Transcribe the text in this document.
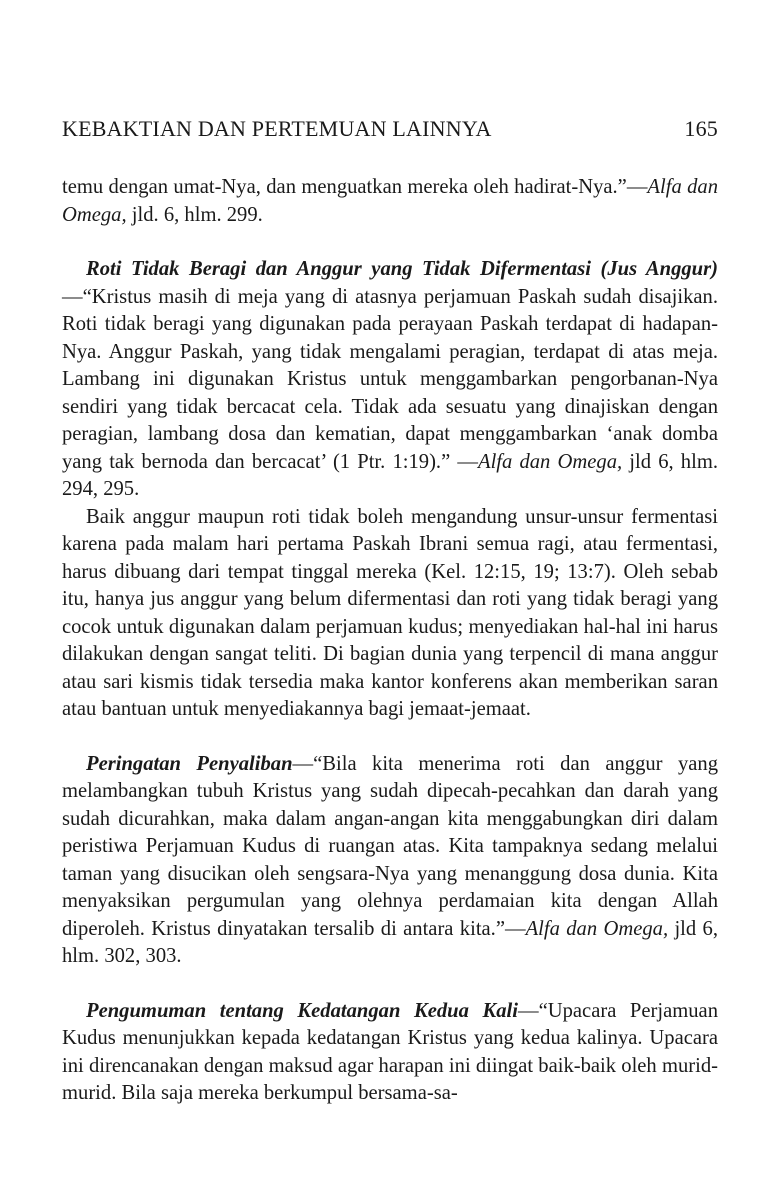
KEBAKTIAN DAN PERTEMUAN LAINNYA	165

temu dengan umat-Nya, dan menguatkan mereka oleh hadirat-Nya.”—Alfa dan Omega, jld. 6, hlm. 299.

Roti Tidak Beragi dan Anggur yang Tidak Difermentasi (Jus Anggur)—“Kristus masih di meja yang di atasnya perjamuan Paskah sudah disajikan. Roti tidak beragi yang digunakan pada perayaan Paskah terdapat di hadapan-Nya. Anggur Paskah, yang tidak mengalami peragian, terdapat di atas meja. Lambang ini digunakan Kristus untuk menggambarkan pengorbanan-Nya sendiri yang tidak bercacat cela. Tidak ada sesuatu yang dinajiskan dengan peragian, lambang dosa dan kematian, dapat menggambarkan ‘anak domba yang tak bernoda dan bercacat’ (1 Ptr. 1:19).” —Alfa dan Omega, jld 6, hlm. 294, 295.

Baik anggur maupun roti tidak boleh mengandung unsur-unsur fermentasi karena pada malam hari pertama Paskah Ibrani semua ragi, atau fermentasi, harus dibuang dari tempat tinggal mereka (Kel. 12:15, 19; 13:7). Oleh sebab itu, hanya jus anggur yang belum difermentasi dan roti yang tidak beragi yang cocok untuk digunakan dalam perjamuan kudus; menyediakan hal-hal ini harus dilakukan dengan sangat teliti. Di bagian dunia yang terpencil di mana anggur atau sari kismis tidak tersedia maka kantor konferens akan memberikan saran atau bantuan untuk menyediakannya bagi jemaat-jemaat.

Peringatan Penyaliban—“Bila kita menerima roti dan anggur yang melambangkan tubuh Kristus yang sudah dipecah-pecahkan dan darah yang sudah dicurahkan, maka dalam angan-angan kita menggabungkan diri dalam peristiwa Perjamuan Kudus di ruangan atas. Kita tampaknya sedang melalui taman yang disucikan oleh sengsara-Nya yang menanggung dosa dunia. Kita menyaksikan pergumulan yang olehnya perdamaian kita dengan Allah diperoleh. Kristus dinyatakan tersalib di antara kita.”—Alfa dan Omega, jld 6, hlm. 302, 303.

Pengumuman tentang Kedatangan Kedua Kali—“Upacara Perjamuan Kudus menunjukkan kepada kedatangan Kristus yang kedua kalinya. Upacara ini direncanakan dengan maksud agar harapan ini diingat baik-baik oleh murid-murid. Bila saja mereka berkumpul bersama-sa-
